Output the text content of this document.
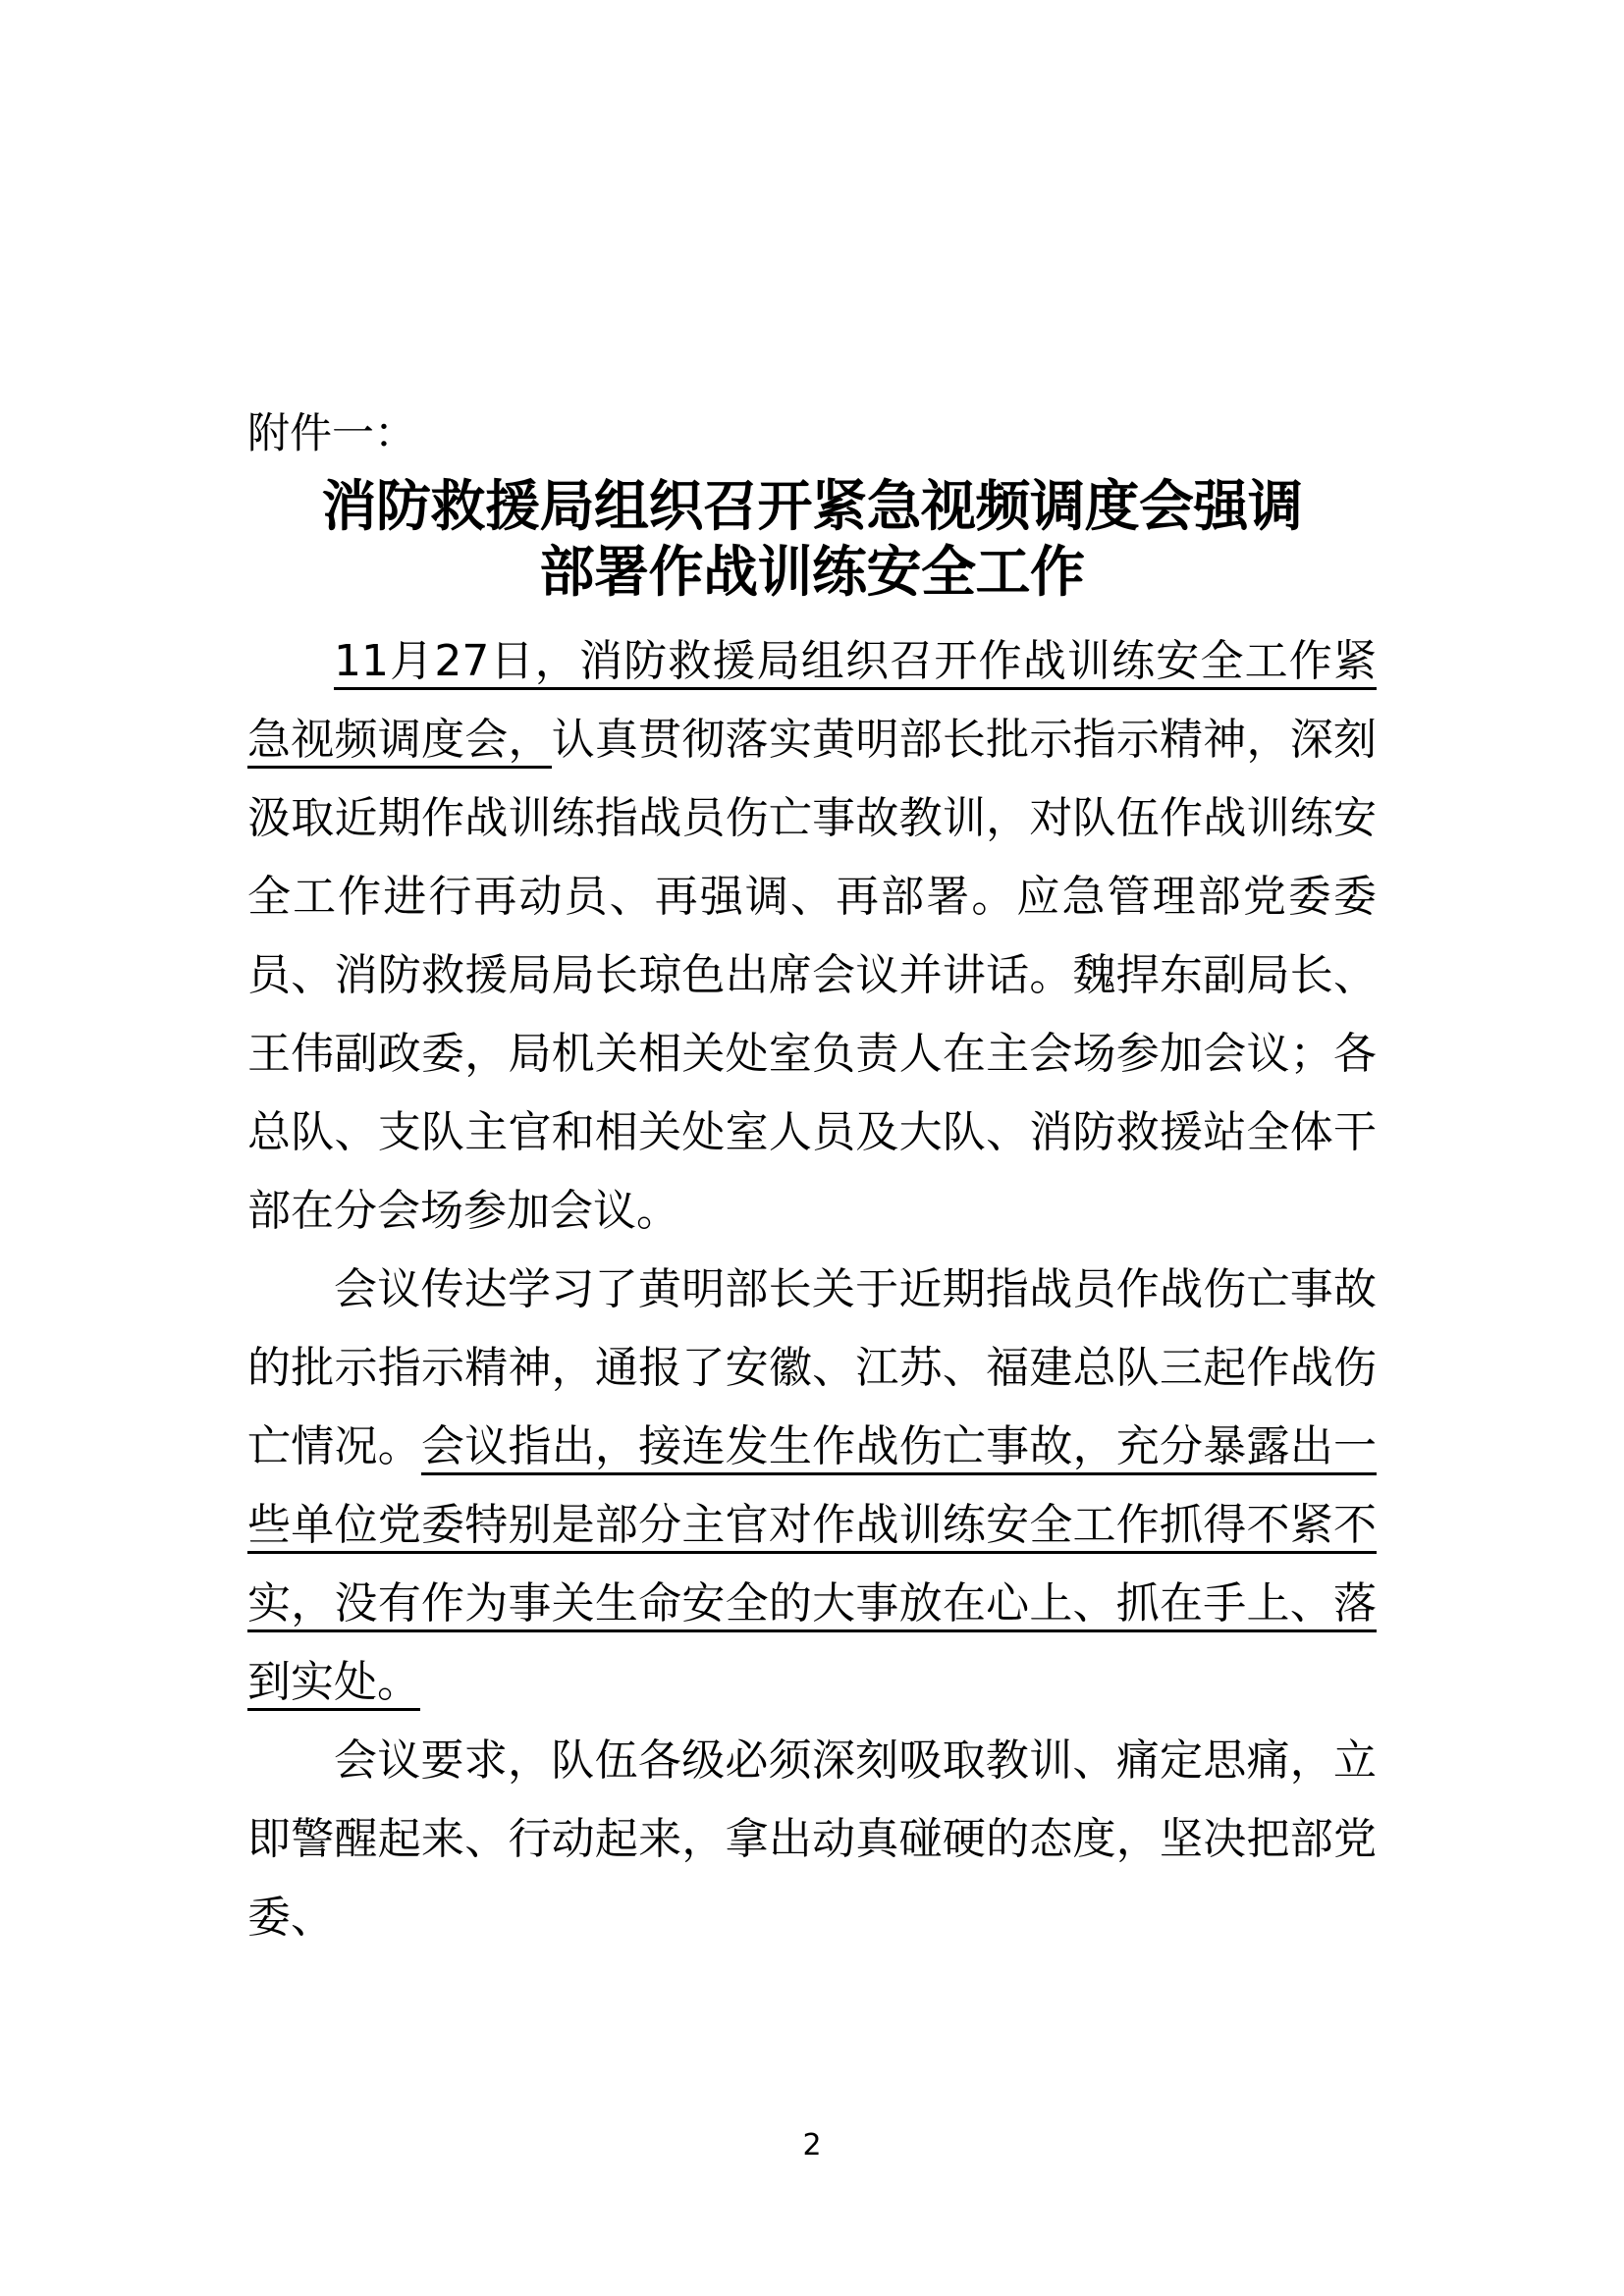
附件一：
消防救援局组织召开紧急视频调度会强调
部署作战训练安全工作

11月27日，消防救援局组织召开作战训练安全工作紧急视频调度会，认真贯彻落实黄明部长批示指示精神，深刻汲取近期作战训练指战员伤亡事故教训，对队伍作战训练安全工作进行再动员、再强调、再部署。应急管理部党委委员、消防救援局局长琼色出席会议并讲话。魏捍东副局长、王伟副政委，局机关相关处室负责人在主会场参加会议；各总队、支队主官和相关处室人员及大队、消防救援站全体干部在分会场参加会议。

会议传达学习了黄明部长关于近期指战员作战伤亡事故的批示指示精神，通报了安徽、江苏、福建总队三起作战伤亡情况。会议指出，接连发生作战伤亡事故，充分暴露出一些单位党委特别是部分主官对作战训练安全工作抓得不紧不实，没有作为事关生命安全的大事放在心上、抓在手上、落到实处。

会议要求，队伍各级必须深刻吸取教训、痛定思痛，立即警醒起来、行动起来，拿出动真碰硬的态度，坚决把部党委、

2
